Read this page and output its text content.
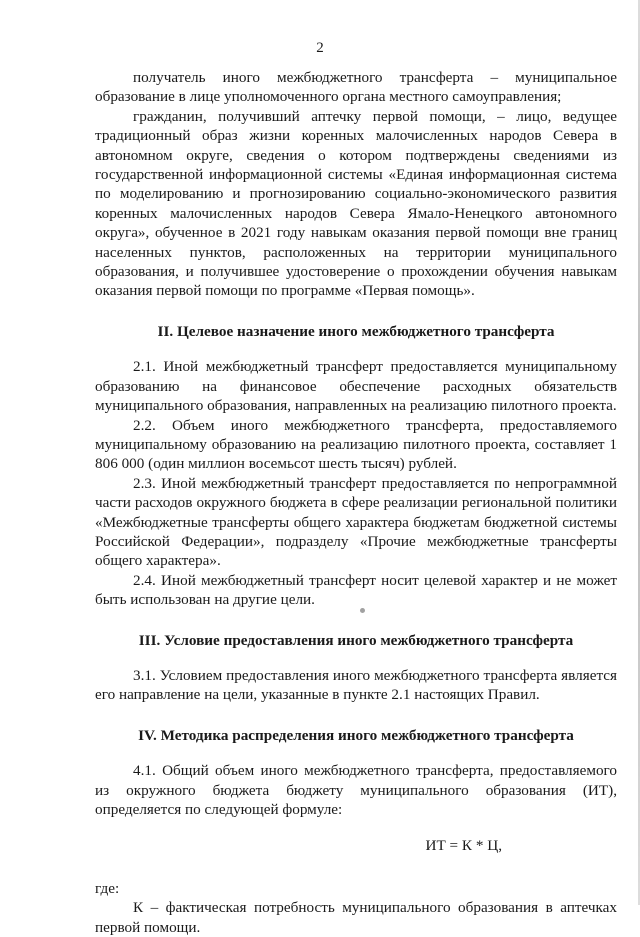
2

получатель иного межбюджетного трансферта – муниципальное образование в лице уполномоченного органа местного самоуправления;

гражданин, получивший аптечку первой помощи, – лицо, ведущее традиционный образ жизни коренных малочисленных народов Севера в автономном округе, сведения о котором подтверждены сведениями из государственной информационной системы «Единая информационная система по моделированию и прогнозированию социально-экономического развития коренных малочисленных народов Севера Ямало-Ненецкого автономного округа», обученное в 2021 году навыкам оказания первой помощи вне границ населенных пунктов, расположенных на территории муниципального образования, и получившее удостоверение о прохождении обучения навыкам оказания первой помощи по программе «Первая помощь».

II. Целевое назначение иного межбюджетного трансферта

2.1. Иной межбюджетный трансферт предоставляется муниципальному образованию на финансовое обеспечение расходных обязательств муниципального образования, направленных на реализацию пилотного проекта.

2.2. Объем иного межбюджетного трансферта, предоставляемого муниципальному образованию на реализацию пилотного проекта, составляет 1 806 000 (один миллион восемьсот шесть тысяч) рублей.

2.3. Иной межбюджетный трансферт предоставляется по непрограммной части расходов окружного бюджета в сфере реализации региональной политики «Межбюджетные трансферты общего характера бюджетам бюджетной системы Российской Федерации», подразделу «Прочие межбюджетные трансферты общего характера».

2.4. Иной межбюджетный трансферт носит целевой характер и не может быть использован на другие цели.

III. Условие предоставления иного межбюджетного трансферта

3.1. Условием предоставления иного межбюджетного трансферта является его направление на цели, указанные в пункте 2.1 настоящих Правил.

IV. Методика распределения иного межбюджетного трансферта

4.1. Общий объем иного межбюджетного трансферта, предоставляемого из окружного бюджета бюджету муниципального образования (ИТ), определяется по следующей формуле:

ИТ = К * Ц,

где:

К – фактическая потребность муниципального образования в аптечках первой помощи.
